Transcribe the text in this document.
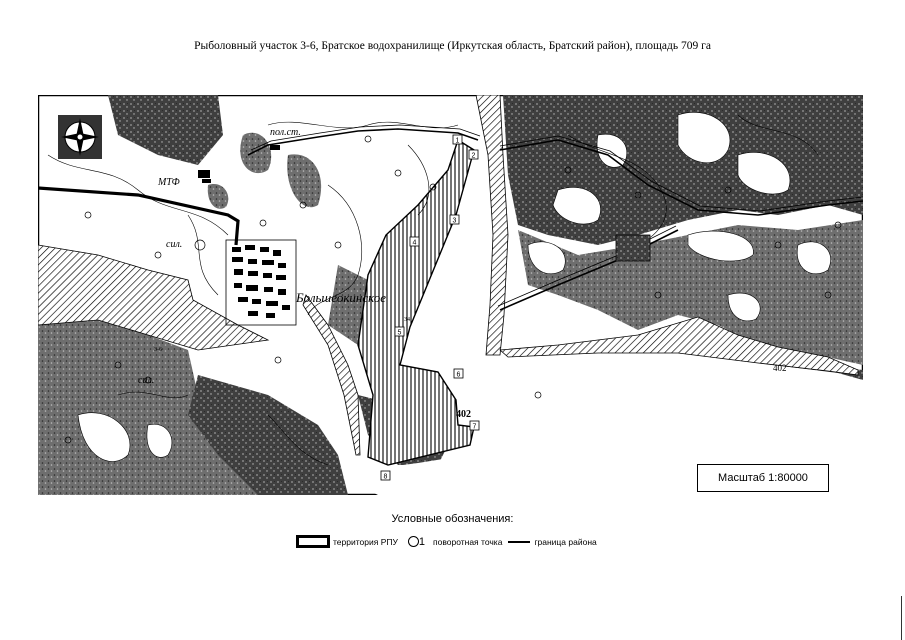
Рыболовный участок 3-6, Братское водохранилище (Иркутская область, Братский район), площадь 709 га
1
2
3
4
5
6
7
8
Большеокинское
МТФ
пол.ст.
сил.
сил.
402
402
34
3-6
Масштаб 1:80000
Условные обозначения:
территория РПУ 1 поворотная точка	граница района
